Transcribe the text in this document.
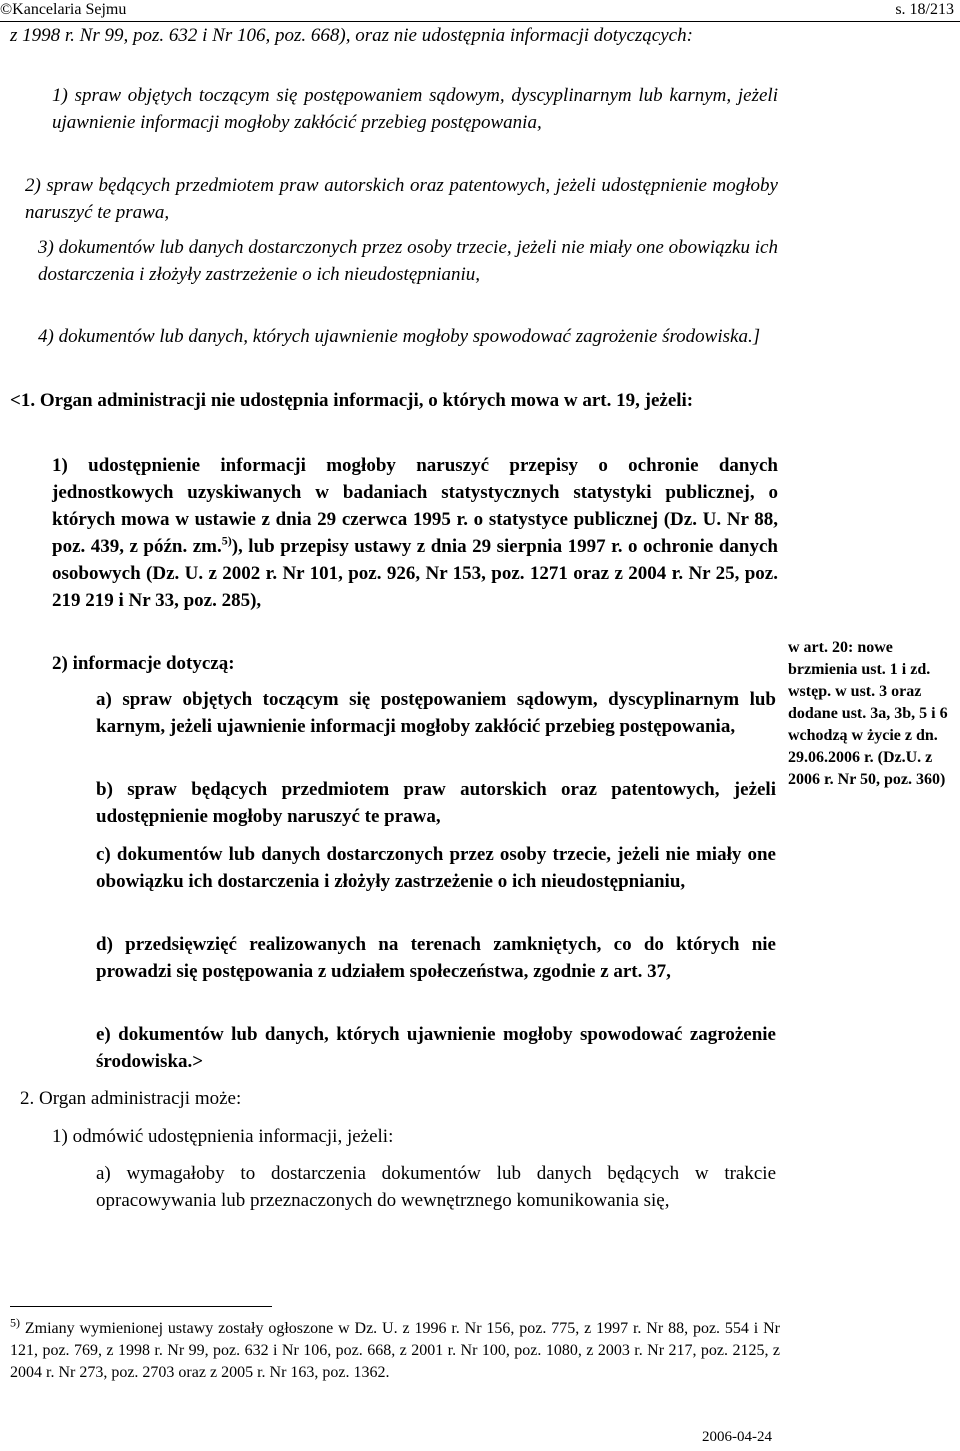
©Kancelaria Sejmu	s. 18/213

z 1998 r. Nr 99, poz. 632 i Nr 106, poz. 668), oraz nie udostępnia informacji dotyczących:

1) spraw objętych toczącym się postępowaniem sądowym, dyscyplinarnym lub karnym, jeżeli ujawnienie informacji mogłoby zakłócić przebieg postępowania,

2) spraw będących przedmiotem praw autorskich oraz patentowych, jeżeli udostępnienie mogłoby naruszyć te prawa,

3) dokumentów lub danych dostarczonych przez osoby trzecie, jeżeli nie miały one obowiązku ich dostarczenia i złożyły zastrzeżenie o ich nieudostępnianiu,

4) dokumentów lub danych, których ujawnienie mogłoby spowodować zagrożenie środowiska.]

<1. Organ administracji nie udostępnia informacji, o których mowa w art. 19, jeżeli:

1) udostępnienie informacji mogłoby naruszyć przepisy o ochronie danych jednostkowych uzyskiwanych w badaniach statystycznych statystyki publicznej, o których mowa w ustawie z dnia 29 czerwca 1995 r. o statystyce publicznej (Dz. U. Nr 88, poz. 439, z późn. zm.$^{5)}$), lub przepisy ustawy z dnia 29 sierpnia 1997 r. o ochronie danych osobowych (Dz. U. z 2002 r. Nr 101, poz. 926, Nr 153, poz. 1271 oraz z 2004 r. Nr 25, poz. 219 219 i Nr 33, poz. 285),

2) informacje dotyczą:

a) spraw objętych toczącym się postępowaniem sądowym, dyscyplinarnym lub karnym, jeżeli ujawnienie informacji mogłoby zakłócić przebieg postępowania,

b) spraw będących przedmiotem praw autorskich oraz patentowych, jeżeli udostępnienie mogłoby naruszyć te prawa,

c) dokumentów lub danych dostarczonych przez osoby trzecie, jeżeli nie miały one obowiązku ich dostarczenia i złożyły zastrzeżenie o ich nieudostępnianiu,

d) przedsięwzięć realizowanych na terenach zamkniętych, co do których nie prowadzi się postępowania z udziałem społeczeństwa, zgodnie z art. 37,

e) dokumentów lub danych, których ujawnienie mogłoby spowodować zagrożenie środowiska.>

2. Organ administracji może:

1) odmówić udostępnienia informacji, jeżeli:

a) wymagałoby to dostarczenia dokumentów lub danych będących w trakcie opracowywania lub przeznaczonych do wewnętrznego komunikowania się,

w art. 20: nowe brzmienia ust. 1 i zd. wstęp. w ust. 3 oraz dodane ust. 3a, 3b, 5 i 6 wchodzą w życie z dn. 29.06.2006 r. (Dz.U. z 2006 r. Nr 50, poz. 360)

$^{5)}$ Zmiany wymienionej ustawy zostały ogłoszone w Dz. U. z 1996 r. Nr 156, poz. 775, z 1997 r. Nr 88, poz. 554 i Nr 121, poz. 769, z 1998 r. Nr 99, poz. 632 i Nr 106, poz. 668, z 2001 r. Nr 100, poz. 1080, z 2003 r. Nr 217, poz. 2125, z 2004 r. Nr 273, poz. 2703 oraz z 2005 r. Nr 163, poz. 1362.

2006-04-24
